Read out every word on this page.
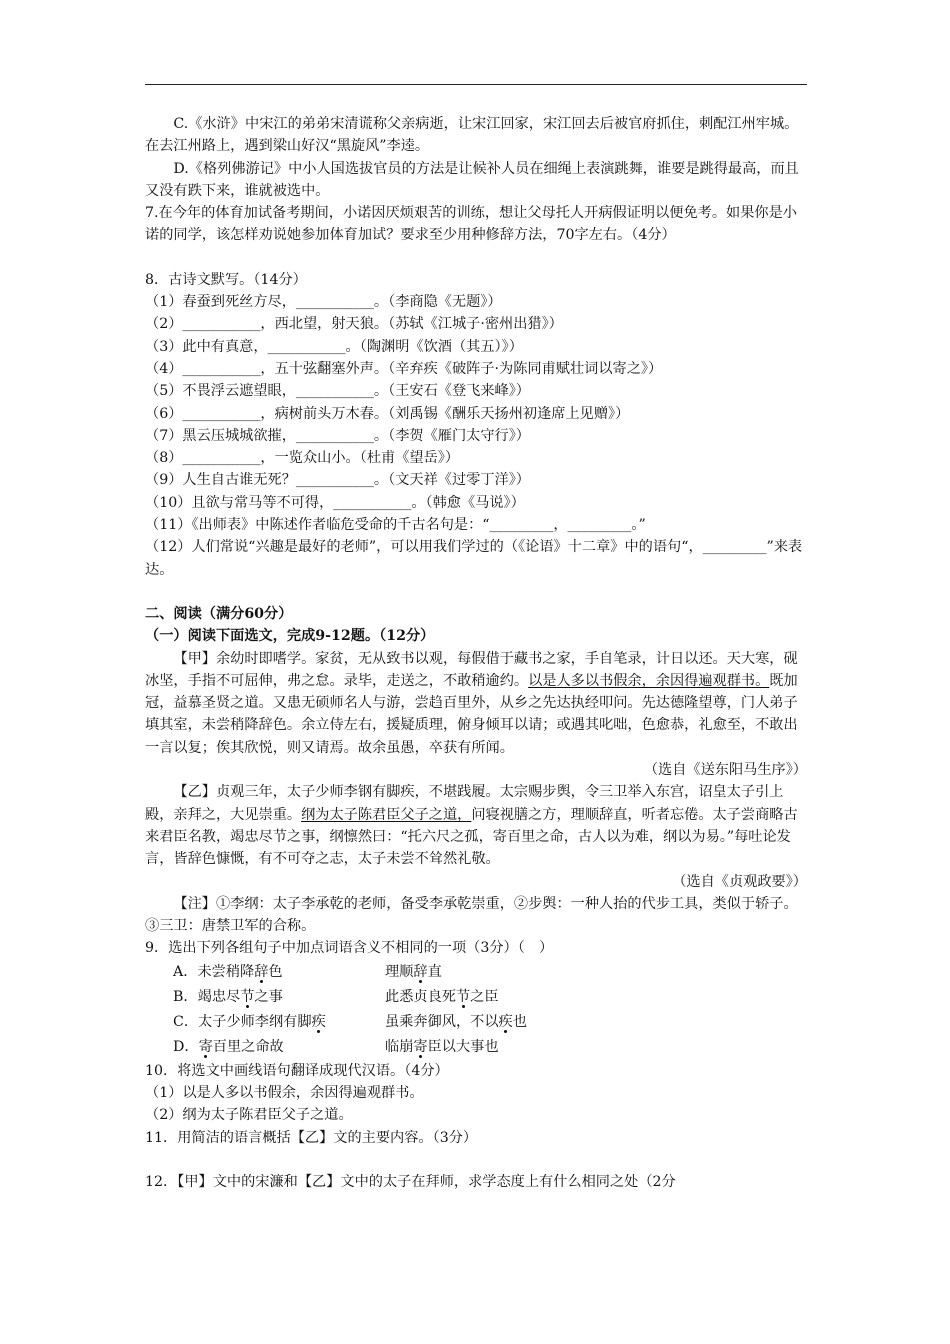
C.《水浒》中宋江的弟弟宋清谎称父亲病逝，让宋江回家，宋江回去后被官府抓住，刺配江州牢城。在去江州路上，遇到梁山好汉“黑旋风”李逵。

D.《格列佛游记》中小人国选拔官员的方法是让候补人员在细绳上表演跳舞，谁要是跳得最高，而且又没有跌下来，谁就被选中。

7.在今年的体育加试备考期间，小诺因厌烦艰苦的训练，想让父母托人开病假证明以便免考。如果你是小诺的同学，该怎样劝说她参加体育加试？要求至少用种修辞方法，70字左右。（4分）

8．古诗文默写。（14分）

（1）春蚕到死丝方尽，___________。（李商隐《无题》）

（2）___________，西北望，射天狼。（苏轼《江城子·密州出猎》）

（3）此中有真意，___________。（陶渊明《饮酒（其五）》）

（4）___________，五十弦翻塞外声。（辛弃疾《破阵子·为陈同甫赋壮词以寄之》）

（5）不畏浮云遮望眼，___________。（王安石《登飞来峰》）

（6）___________，病树前头万木春。（刘禹锡《酬乐天扬州初逢席上见赠》）

（7）黑云压城城欲摧，___________。（李贺《雁门太守行》）

（8）___________，一览众山小。（杜甫《望岳》）

（9）人生自古谁无死？___________。（文天祥《过零丁洋》）

（10）且欲与常马等不可得，___________。（韩愈《马说》）

（11）《出师表》中陈述作者临危受命的千古名句是：“_________，_________。”

（12）人们常说“兴趣是最好的老师”，可以用我们学过的（《论语》十二章》中的语句“，_________”来表达。

二、阅读（满分60分）

（一）阅读下面选文，完成9-12题。（12分）

【甲】余幼时即嗜学。家贫，无从致书以观，每假借于藏书之家，手自笔录，计日以还。天大寒，砚冰坚，手指不可屈伸，弗之怠。录毕，走送之，不敢稍逾约。以是人多以书假余，余因得遍观群书。既加冠，益慕圣贤之道。又患无硕师名人与游，尝趋百里外，从乡之先达执经叩问。先达德隆望尊，门人弟子填其室，未尝稍降辞色。余立侍左右，援疑质理，俯身倾耳以请；或遇其叱咄，色愈恭，礼愈至，不敢出一言以复；俟其欣悦，则又请焉。故余虽愚，卒获有所闻。

（选自《送东阳马生序》）

【乙】贞观三年，太子少师李钢有脚疾，不堪践履。太宗赐步舆，令三卫举入东宫，诏皇太子引上殿，亲拜之，大见崇重。纲为太子陈君臣父子之道，问寝视膳之方，理顺辞直，听者忘倦。太子尝商略古来君臣名教，竭忠尽节之事，纲懔然曰：“托六尺之孤，寄百里之命，古人以为难，纲以为易。”每吐论发言，皆辞色慷慨，有不可夺之志，太子未尝不耸然礼敬。

（选自《贞观政要》）

【注】①李纲：太子李承乾的老师，备受李承乾崇重，②步舆：一种人抬的代步工具，类似于轿子。③三卫：唐禁卫军的合称。

9．选出下列各组句子中加点词语含义不相同的一项（3分）（　）

A．未尝稍降辞色	理顺辞直
B．竭忠尽节之事	此悉贞良死节之臣
C．太子少师李纲有脚疾	虽乘奔御风，不以疾也
D．寄百里之命故	临崩寄臣以大事也

10．将选文中画线语句翻译成现代汉语。（4分）

（1）以是人多以书假余，余因得遍观群书。

（2）纲为太子陈君臣父子之道。

11．用简洁的语言概括【乙】文的主要内容。（3分）

12．【甲】文中的宋濂和【乙】文中的太子在拜师，求学态度上有什么相同之处（2分
